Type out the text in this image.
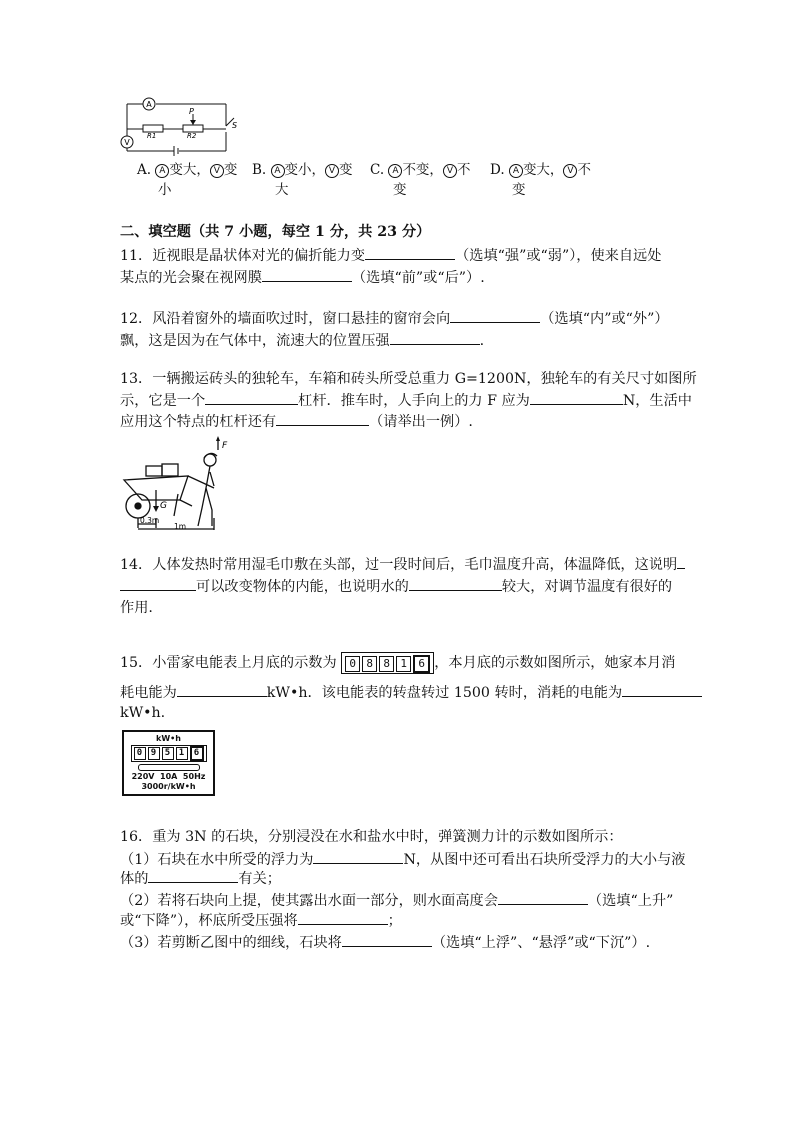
A
V
P
R1	R2
S
A. A 变大， V 变
小
B. A 变小， V 变
大
C. A 不变， V 不
变
D. A 变大， V 不
变
二、填空题（共 7 小题，每空 1 分，共 23 分）
11．近视眼是晶状体对光的偏折能力变	（选填“强”或“弱”），使来自远处
某点的光会聚在视网膜	（选填“前”或“后”）.
12．风沿着窗外的墙面吹过时，窗口悬挂的窗帘会向	（选填“内”或“外”）
飘，这是因为在气体中，流速大的位置压强	.
13．一辆搬运砖头的独轮车，车箱和砖头所受总重力 G=1200N，独轮车的有关尺寸如图所
示，它是一个	杠杆．推车时，人手向上的力 F 应为	N，生活中
应用这个特点的杠杆还有	（请举出一例）.
F
G
0.3m
1m
14．人体发热时常用湿毛巾敷在头部，过一段时间后，毛巾温度升高，体温降低，这说明
可以改变物体的内能，也说明水的	较大，对调节温度有很好的
作用.
15．小雷家电能表上月底的示数为 0 8 8 1 6 ，本月底的示数如图所示，她家本月消
耗电能为	kW•h．该电能表的转盘转过 1500 转时，消耗的电能为
kW•h.
kW•h
0 9 5 1 6
220V  10A  50Hz
3000r/kW•h
16．重为 3N 的石块，分别浸没在水和盐水中时，弹簧测力计的示数如图所示：
（1）石块在水中所受的浮力为	N，从图中还可看出石块所受浮力的大小与液
体的	有关；
（2）若将石块向上提，使其露出水面一部分，则水面高度会	（选填“上升”
或“下降”），杯底所受压强将	；
（3）若剪断乙图中的细线，石块将	（选填“上浮”、“悬浮”或“下沉”）.
